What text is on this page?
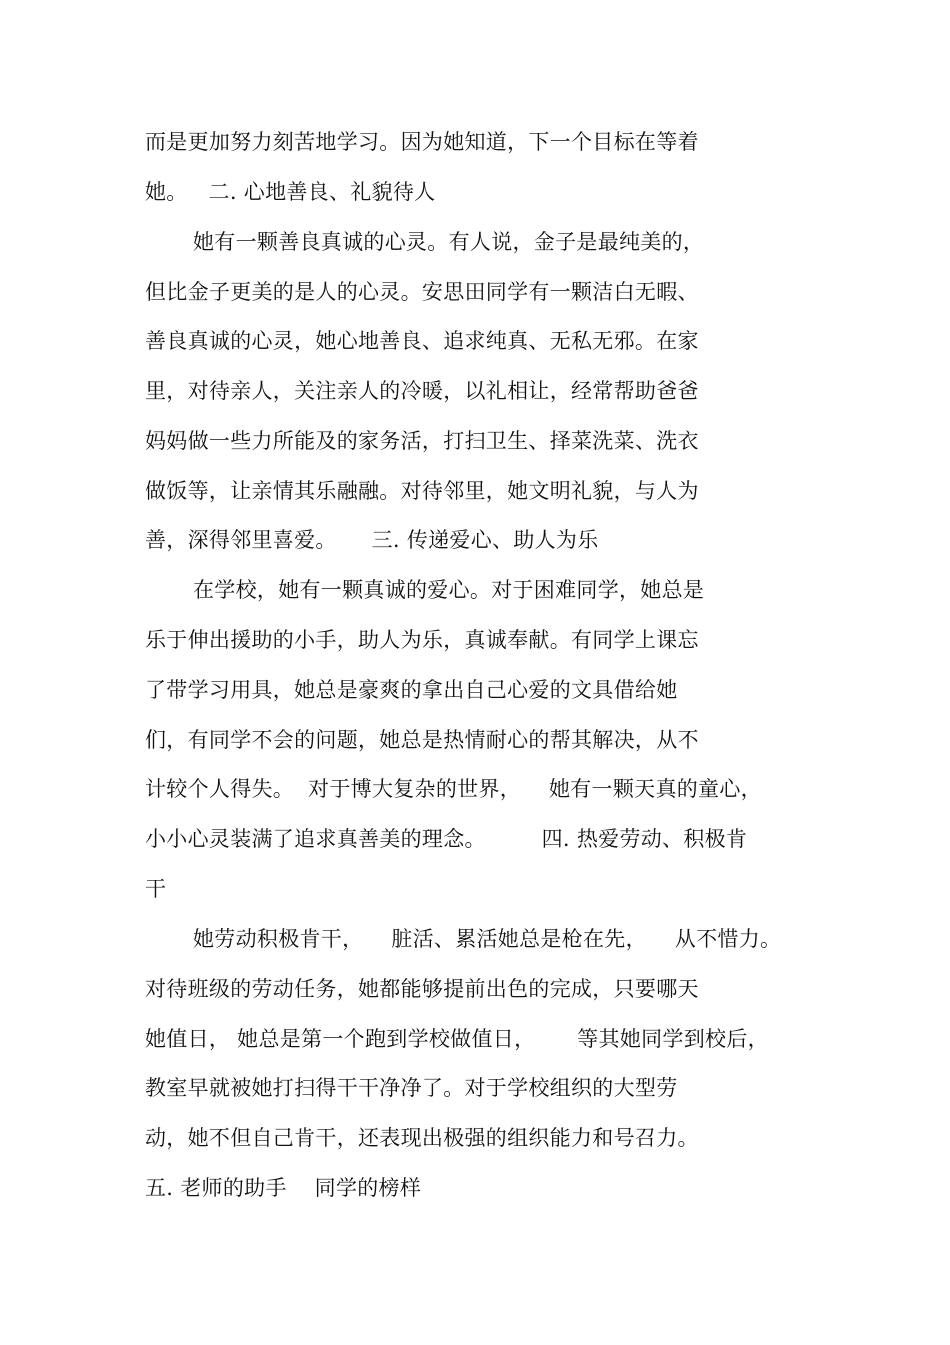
而是更加努力刻苦地学习。因为她知道，下一个目标在等着
她。   二. 心地善良、礼貌待人
她有一颗善良真诚的心灵。有人说，金子是最纯美的，
但比金子更美的是人的心灵。安思田同学有一颗洁白无暇、
善良真诚的心灵，她心地善良、追求纯真、无私无邪。在家
里，对待亲人，关注亲人的冷暖，以礼相让，经常帮助爸爸
妈妈做一些力所能及的家务活，打扫卫生、择菜洗菜、洗衣
做饭等，让亲情其乐融融。对待邻里，她文明礼貌，与人为
善，深得邻里喜爱。     三. 传递爱心、助人为乐
在学校，她有一颗真诚的爱心。对于困难同学，她总是
乐于伸出援助的小手，助人为乐，真诚奉献。有同学上课忘
了带学习用具，她总是豪爽的拿出自己心爱的文具借给她
们，有同学不会的问题，她总是热情耐心的帮其解决，从不
计较个人得失。  对于博大复杂的世界，    她有一颗天真的童心，
小小心灵装满了追求真善美的理念。        四. 热爱劳动、积极肯
干
她劳动积极肯干，    脏活、累活她总是枪在先，    从不惜力。
对待班级的劳动任务，她都能够提前出色的完成，只要哪天
她值日， 她总是第一个跑到学校做值日，      等其她同学到校后，
教室早就被她打扫得干干净净了。对于学校组织的大型劳
动，她不但自己肯干，还表现出极强的组织能力和号召力。
五. 老师的助手    同学的榜样
